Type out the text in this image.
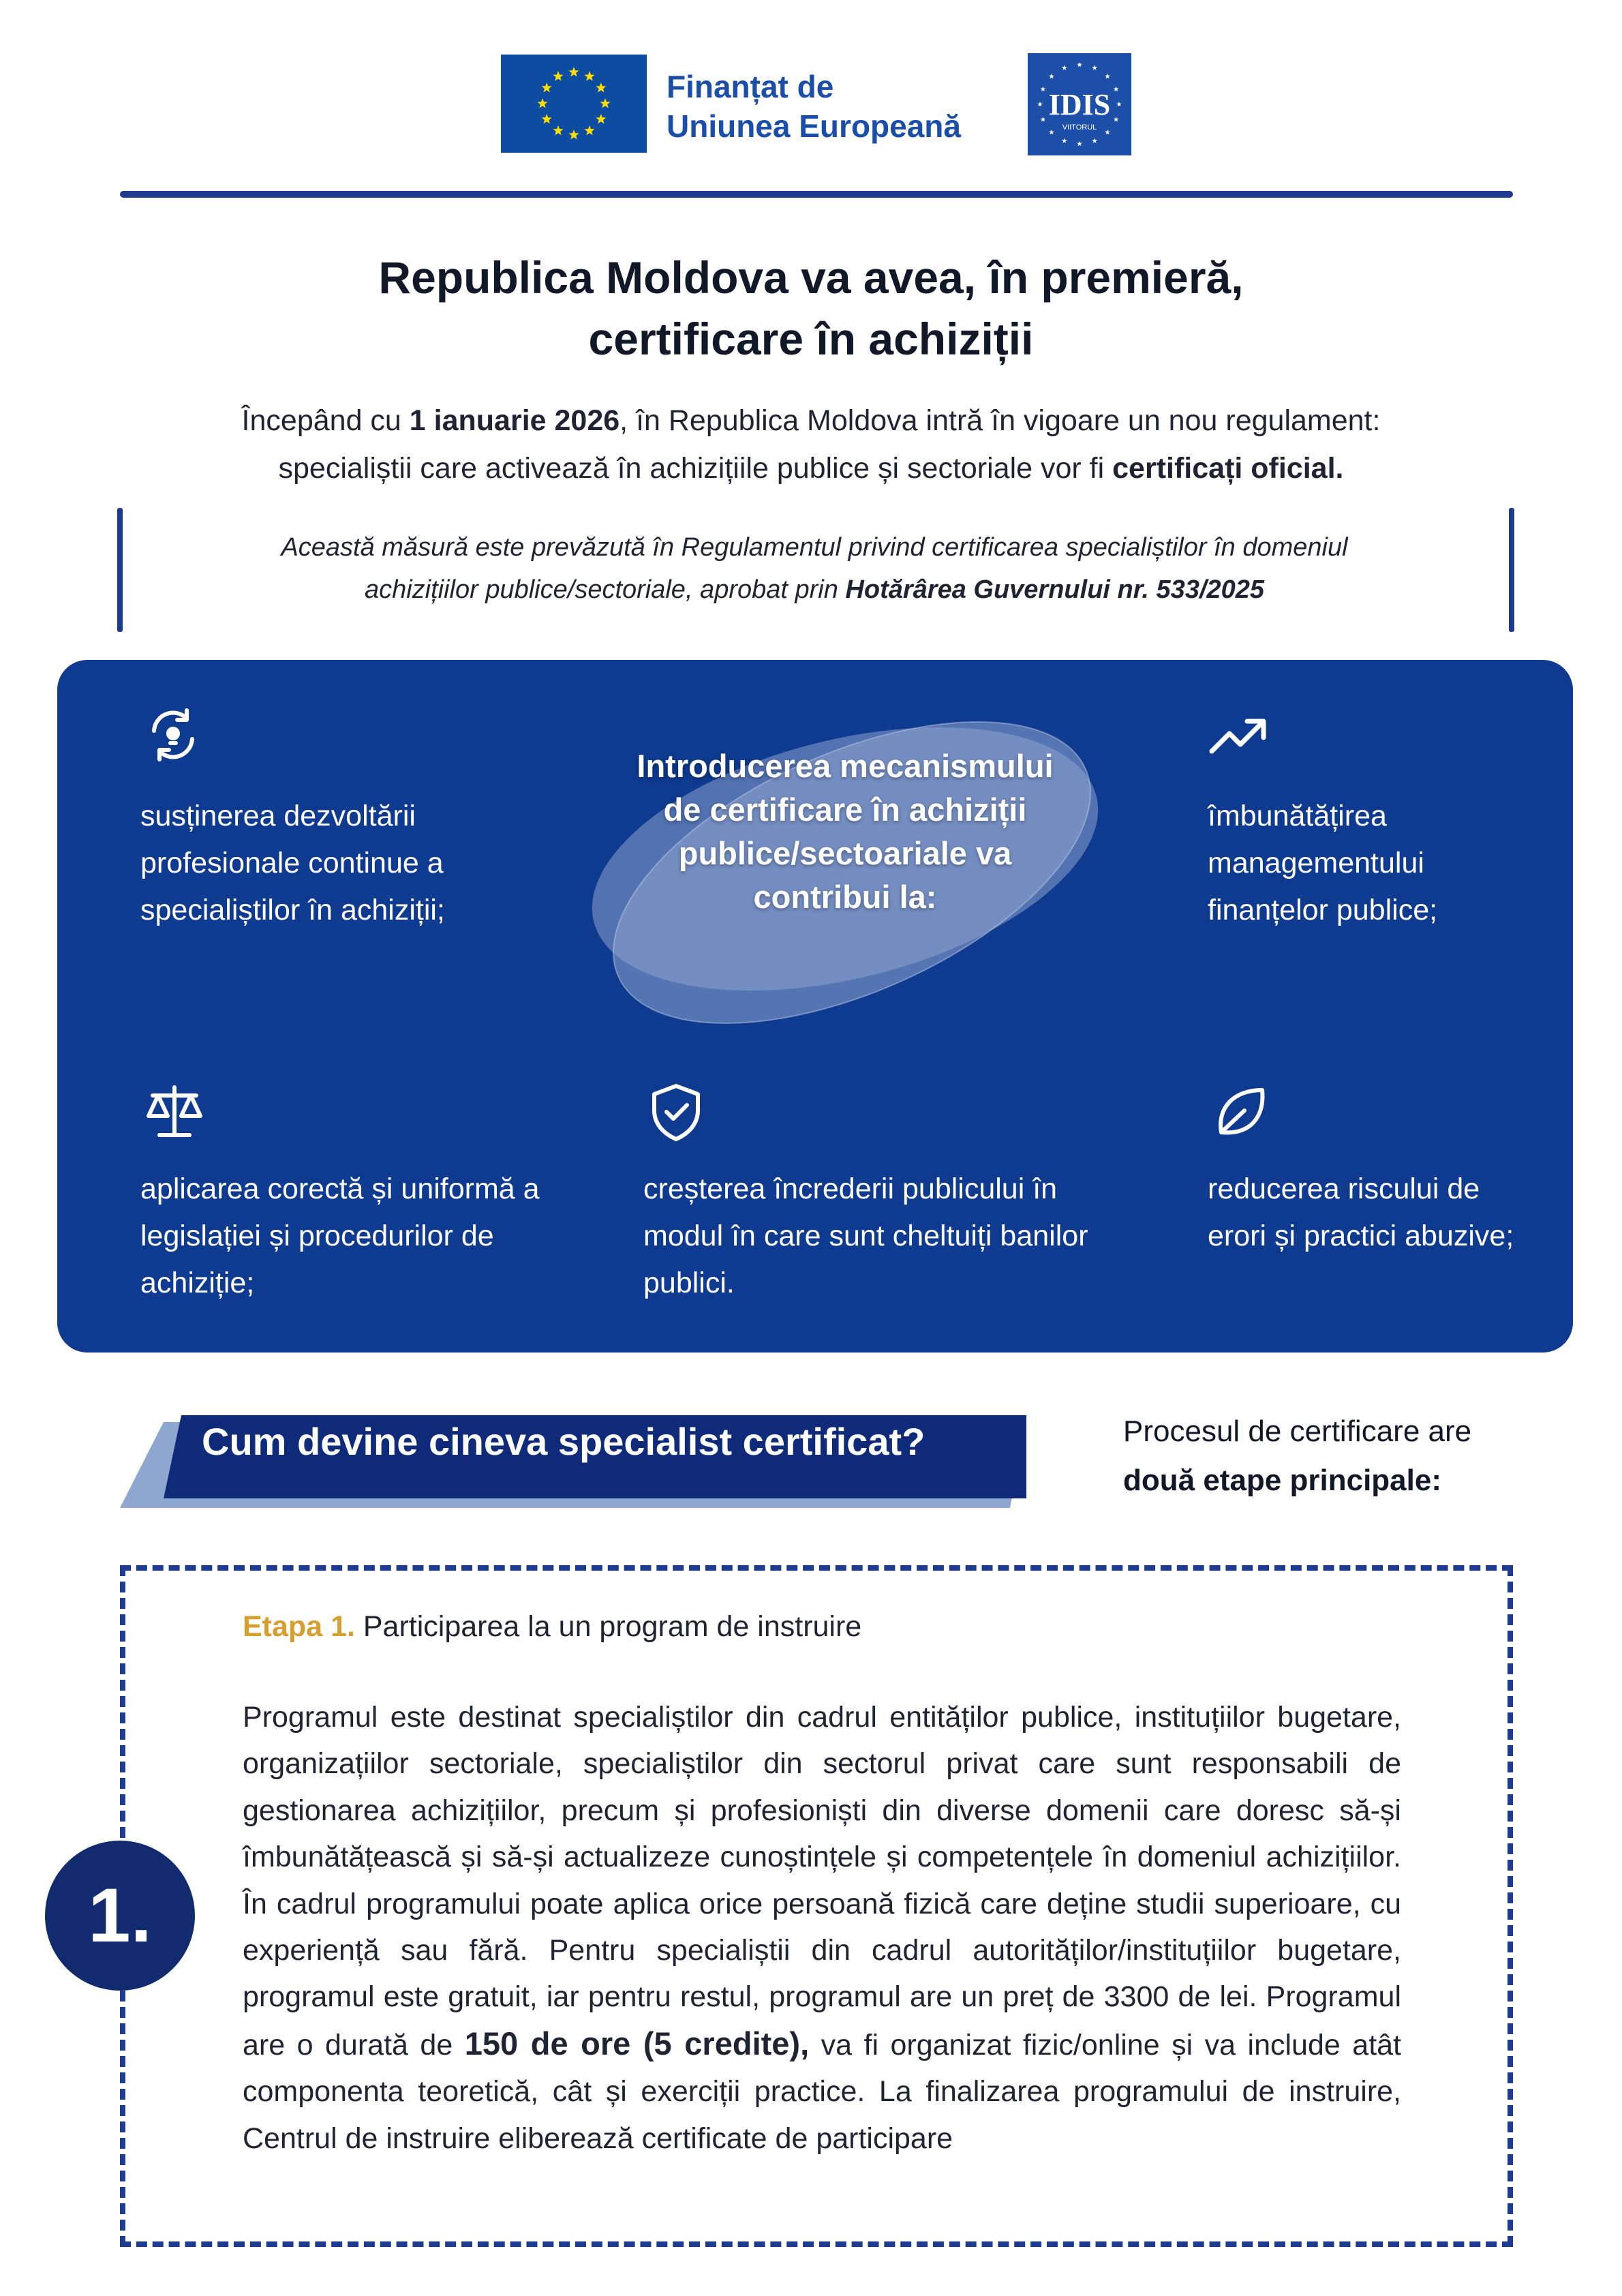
Finanțat de
Uniunea Europeană
IDIS
VIITORUL
Republica Moldova va avea, în premieră,
certificare în achiziții
Începând cu 1 ianuarie 2026, în Republica Moldova intră în vigoare un nou regulament:
specialiștii care activează în achizițiile publice și sectoriale vor fi certificați oficial.
Această măsură este prevăzută în Regulamentul privind certificarea specialiștilor în domeniul
achizițiilor publice/sectoriale, aprobat prin Hotărârea Guvernului nr. 533/2025
Introducerea mecanismului de certificare în achiziții publice/sectoariale va contribui la:
susținerea dezvoltării profesionale continue a specialiștilor în achiziții;
îmbunătățirea managementului finanțelor publice;
aplicarea corectă și uniformă a legislației și procedurilor de achiziție;
creșterea încrederii publicului în modul în care sunt cheltuiți banilor publici.
reducerea riscului de erori și practici abuzive;
Cum devine cineva specialist certificat?	Procesul de certificare are
două etape principale:
1.
Etapa 1. Participarea la un program de instruire
Programul este destinat specialiștilor din cadrul entităților publice, instituțiilor bugetare, organizațiilor sectoriale, specialiștilor din sectorul privat care sunt responsabili de gestionarea achizițiilor, precum și profesioniști din diverse domenii care doresc să-și îmbunătățească și să-și actualizeze cunoștințele și competențele în domeniul achizițiilor. În cadrul programului poate aplica orice persoană fizică care deține studii superioare, cu experiență sau fără. Pentru specialiștii din cadrul autorităților/instituțiilor bugetare, programul este gratuit, iar pentru restul, programul are un preț de 3300 de lei. Programul are o durată de 150 de ore (5 credite), va fi organizat fizic/online și va include atât componenta teoretică, cât și exerciții practice. La finalizarea programului de instruire, Centrul de instruire eliberează certificate de participare
